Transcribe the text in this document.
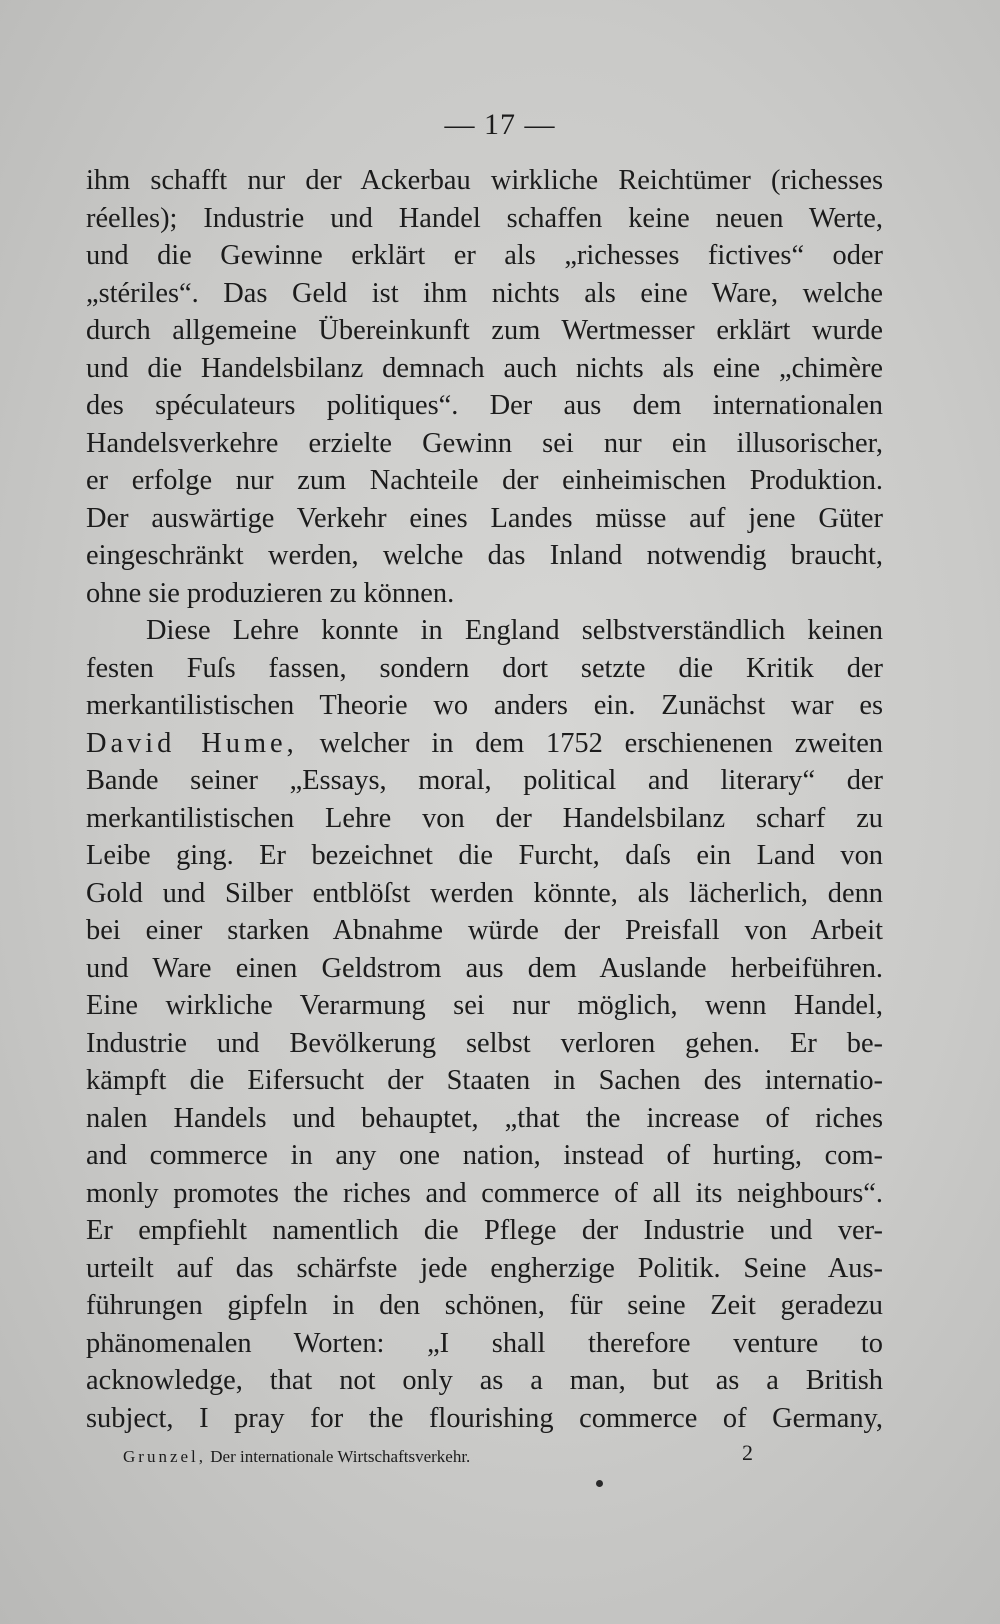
— 17 —
ihm schafft nur der Ackerbau wirkliche Reichtümer (richesses
réelles); Industrie und Handel schaffen keine neuen Werte,
und die Gewinne erklärt er als „richesses fictives“ oder
„stériles“. Das Geld ist ihm nichts als eine Ware, welche
durch allgemeine Übereinkunft zum Wertmesser erklärt wurde
und die Handelsbilanz demnach auch nichts als eine „chimère
des spéculateurs politiques“. Der aus dem internationalen
Handelsverkehre erzielte Gewinn sei nur ein illusorischer,
er erfolge nur zum Nachteile der einheimischen Produktion.
Der auswärtige Verkehr eines Landes müsse auf jene Güter
eingeschränkt werden, welche das Inland notwendig braucht,
ohne sie produzieren zu können.
Diese Lehre konnte in England selbstverständlich keinen
festen Fuſs fassen, sondern dort setzte die Kritik der
merkantilistischen Theorie wo anders ein. Zunächst war es
David Hume, welcher in dem 1752 erschienenen zweiten
Bande seiner „Essays, moral, political and literary“ der
merkantilistischen Lehre von der Handelsbilanz scharf zu
Leibe ging. Er bezeichnet die Furcht, daſs ein Land von
Gold und Silber entblöſst werden könnte, als lächerlich, denn
bei einer starken Abnahme würde der Preisfall von Arbeit
und Ware einen Geldstrom aus dem Auslande herbeiführen.
Eine wirkliche Verarmung sei nur möglich, wenn Handel,
Industrie und Bevölkerung selbst verloren gehen. Er be-
kämpft die Eifersucht der Staaten in Sachen des internatio-
nalen Handels und behauptet, „that the increase of riches
and commerce in any one nation, instead of hurting, com-
monly promotes the riches and commerce of all its neighbours“.
Er empfiehlt namentlich die Pflege der Industrie und ver-
urteilt auf das schärfste jede engherzige Politik. Seine Aus-
führungen gipfeln in den schönen, für seine Zeit geradezu
phänomenalen Worten: „I shall therefore venture to
acknowledge, that not only as a man, but as a British
subject, I pray for the flourishing commerce of Germany,
Grunzel, Der internationale Wirtschaftsverkehr.	2
